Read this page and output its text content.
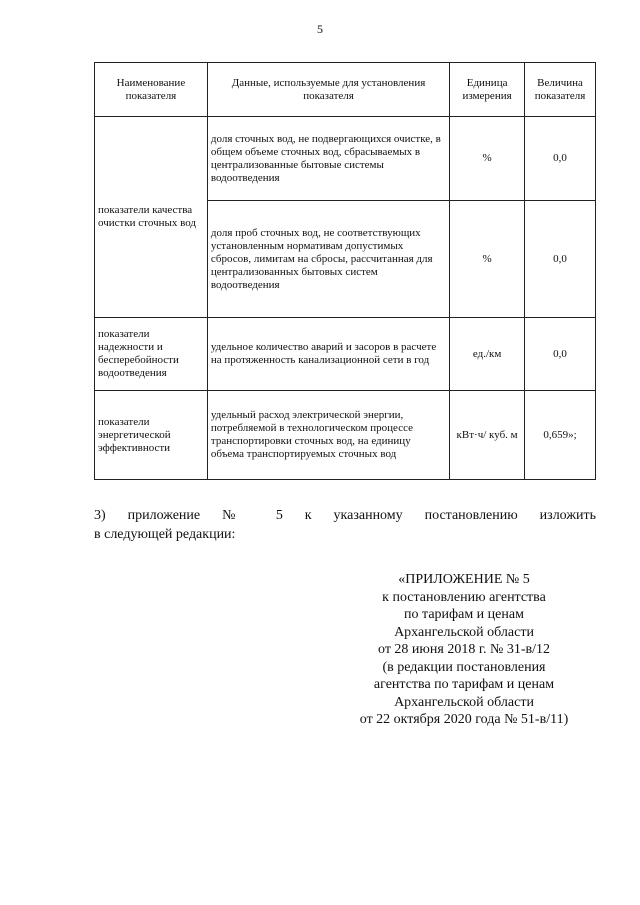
5
Наименование показателя	Данные, используемые для установления показателя	Единица измерения	Величина показателя
показатели качества очистки сточных вод	доля сточных вод, не подвергающихся очистке, в общем объеме сточных вод, сбрасываемых в централизованные бытовые системы водоотведения	%	0,0
	доля проб сточных вод, не соответствующих установленным нормативам допустимых сбросов, лимитам на сбросы, рассчитанная для централизованных бытовых систем водоотведения	%	0,0
показатели надежности и бесперебойности водоотведения	удельное количество аварий и засоров в расчете на протяженность канализационной сети в год	ед./км	0,0
показатели энергетической эффективности	удельный расход электрической энергии, потребляемой в технологическом процессе транспортировки сточных вод, на единицу объема транспортируемых сточных вод	кВт·ч/ куб. м	0,659»;
3) приложение № 5 к указанному постановлению изложить
в следующей редакции:
«ПРИЛОЖЕНИЕ № 5
к постановлению агентства
по тарифам и ценам
Архангельской области
от 28 июня 2018 г. № 31-в/12
(в редакции постановления
агентства по тарифам и ценам
Архангельской области
от 22 октября 2020 года № 51-в/11)
